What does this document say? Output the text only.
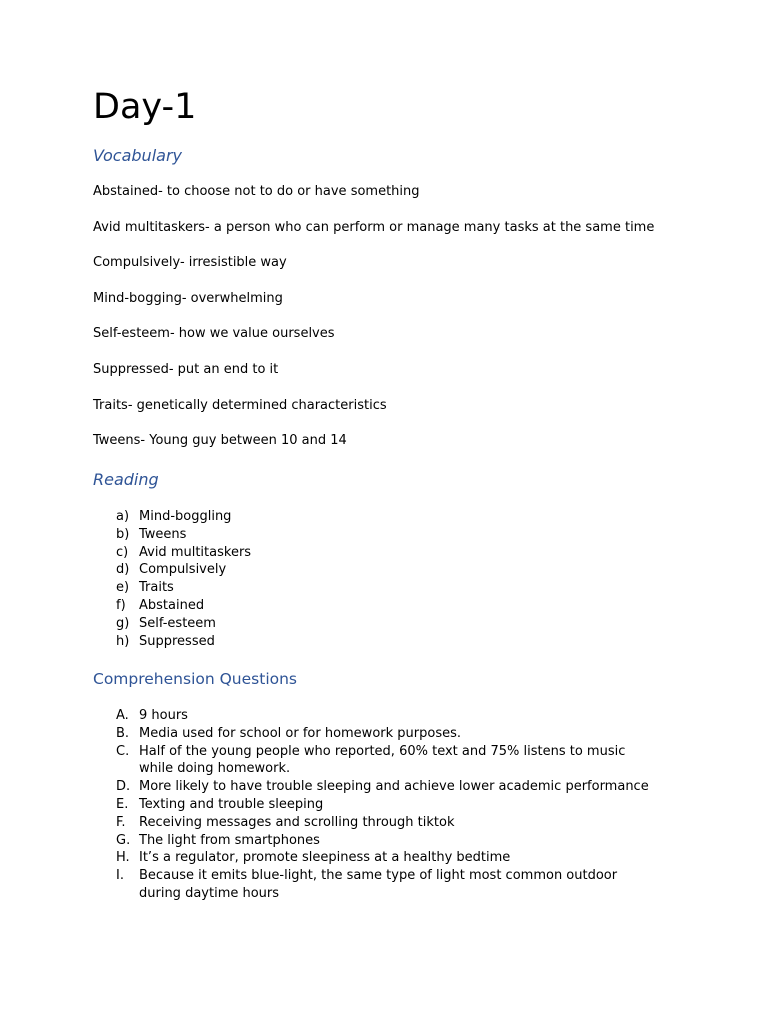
Day-1
Vocabulary
Abstained- to choose not to do or have something
Avid multitaskers- a person who can perform or manage many tasks at the same time
Compulsively- irresistible way
Mind-bogging- overwhelming
Self-esteem- how we value ourselves
Suppressed- put an end to it
Traits- genetically determined characteristics
Tweens- Young guy between 10 and 14
Reading
a) Mind-boggling
b) Tweens
c) Avid multitaskers
d) Compulsively
e) Traits
f) Abstained
g) Self-esteem
h) Suppressed
Comprehension Questions
A. 9 hours
B. Media used for school or for homework purposes.
C. Half of the young people who reported, 60% text and 75% listens to music while doing homework.
D. More likely to have trouble sleeping and achieve lower academic performance
E. Texting and trouble sleeping
F. Receiving messages and scrolling through tiktok
G. The light from smartphones
H. It’s a regulator, promote sleepiness at a healthy bedtime
I. Because it emits blue-light, the same type of light most common outdoor during daytime hours
